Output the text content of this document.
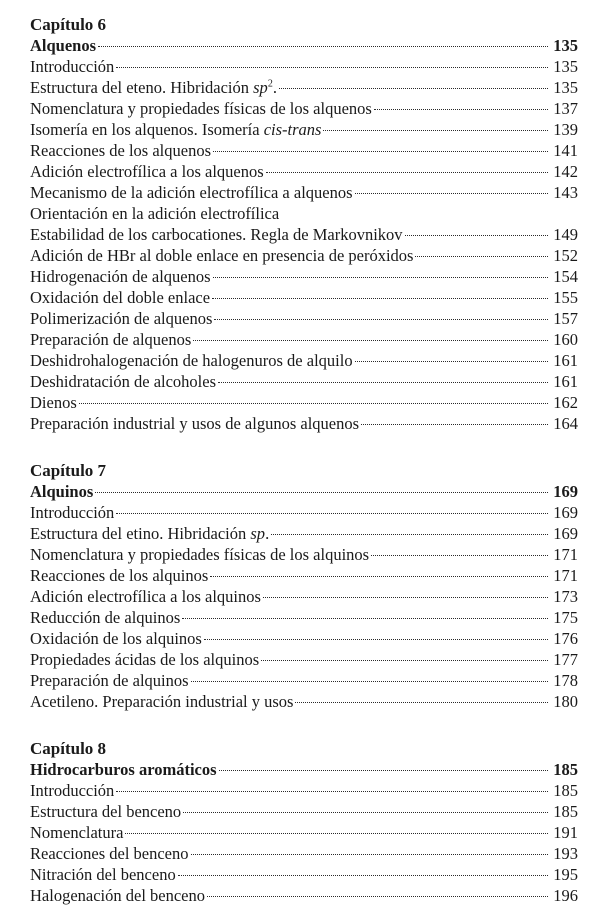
Capítulo 6
Alquenos	135
Introducción	135
Estructura del eteno. Hibridación $sp^2$.	135
Nomenclatura y propiedades físicas de los alquenos	137
Isomería en los alquenos. Isomería cis-trans	139
Reacciones de los alquenos	141
Adición electrofílica a los alquenos	142
Mecanismo de la adición electrofílica a alquenos	143
Orientación en la adición electrofílica
Estabilidad de los carbocationes. Regla de Markovnikov	149
Adición de HBr al doble enlace en presencia de peróxidos	152
Hidrogenación de alquenos	154
Oxidación del doble enlace	155
Polimerización de alquenos	157
Preparación de alquenos	160
Deshidrohalogenación de halogenuros de alquilo	161
Deshidratación de alcoholes	161
Dienos	162
Preparación industrial y usos de algunos alquenos	164
Capítulo 7
Alquinos	169
Introducción	169
Estructura del etino. Hibridación sp.	169
Nomenclatura y propiedades físicas de los alquinos	171
Reacciones de los alquinos	171
Adición electrofílica a los alquinos	173
Reducción de alquinos	175
Oxidación de los alquinos	176
Propiedades ácidas de los alquinos	177
Preparación de alquinos	178
Acetileno. Preparación industrial y usos	180
Capítulo 8
Hidrocarburos aromáticos	185
Introducción	185
Estructura del benceno	185
Nomenclatura	191
Reacciones del benceno	193
Nitración del benceno	195
Halogenación del benceno	196
